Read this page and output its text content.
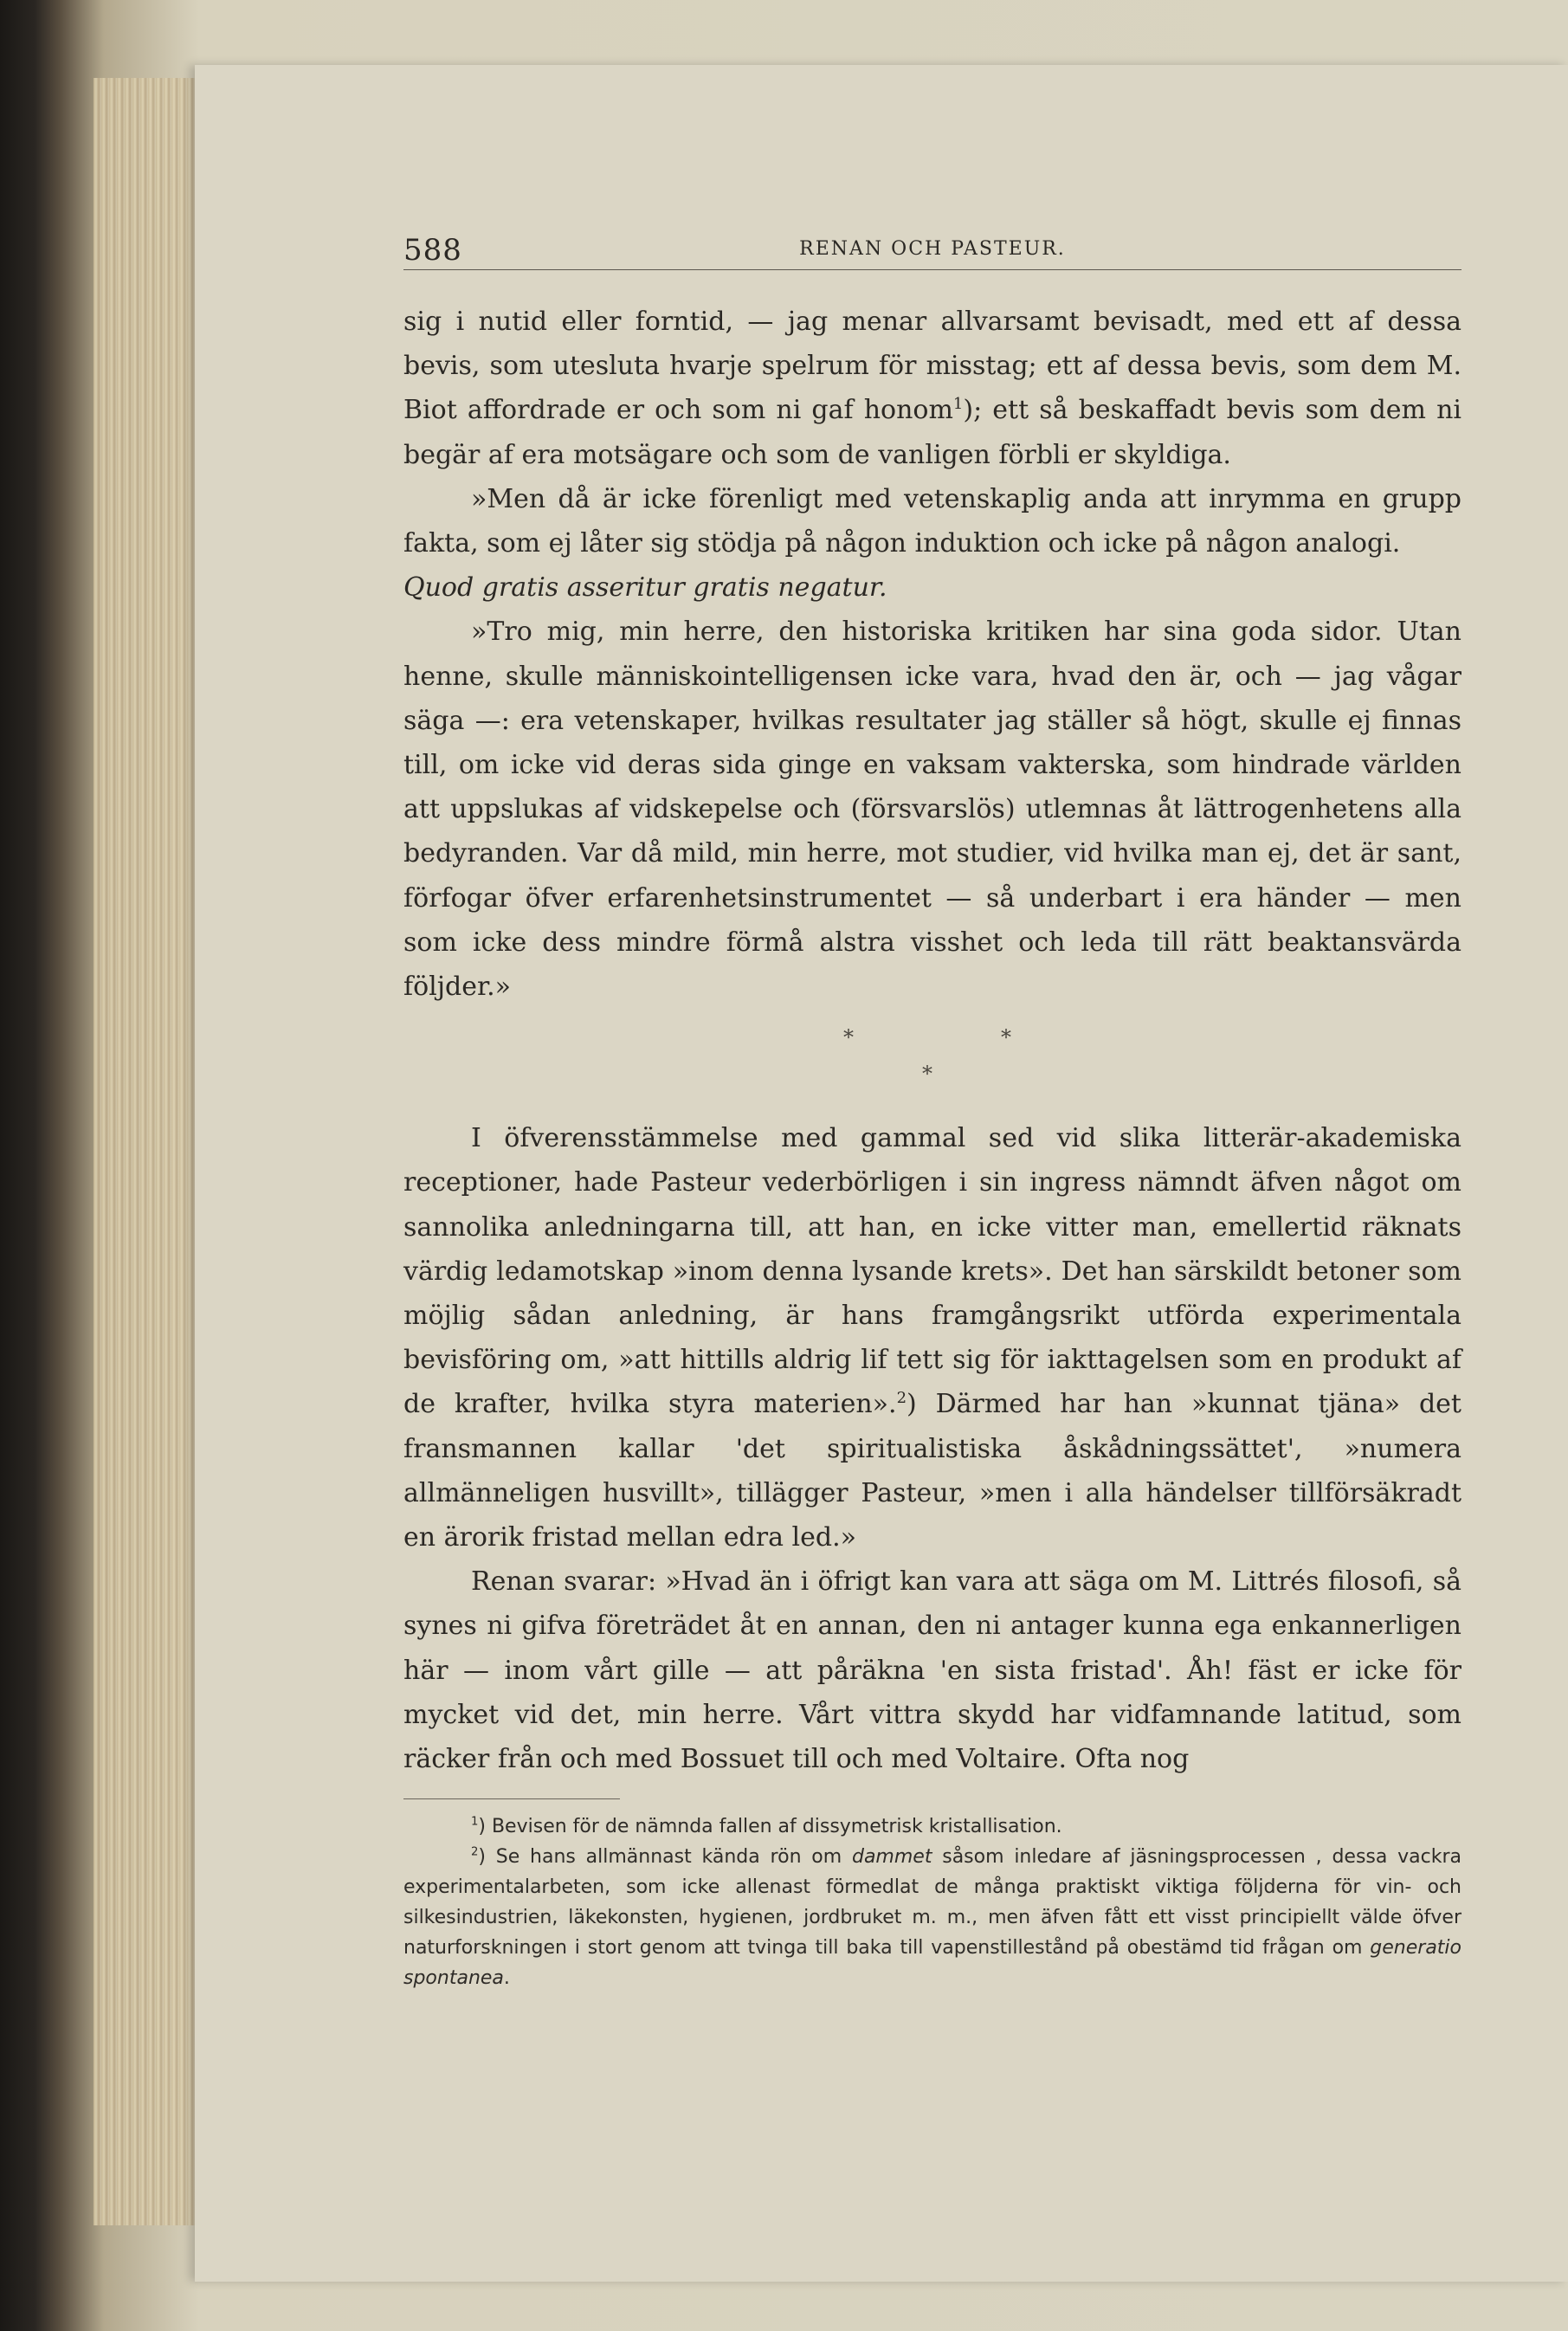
588	RENAN OCH PASTEUR.

sig i nutid eller forntid, — jag menar allvarsamt bevisadt, med ett af dessa bevis, som utesluta hvarje spelrum för misstag; ett af dessa bevis, som dem M. Biot affordrade er och som ni gaf honom$^1$); ett så beskaffadt bevis som dem ni begär af era motsägare och som de vanligen förbli er skyldiga.

»Men då är icke förenligt med vetenskaplig anda att inrymma en grupp fakta, som ej låter sig stödja på någon induktion och icke på någon analogi.

Quod gratis asseritur gratis negatur.

»Tro mig, min herre, den historiska kritiken har sina goda sidor. Utan henne, skulle människointelligensen icke vara, hvad den är, och — jag vågar säga —: era vetenskaper, hvilkas resultater jag ställer så högt, skulle ej finnas till, om icke vid deras sida ginge en vaksam vakterska, som hindrade världen att uppslukas af vidskepelse och (försvarslös) utlemnas åt lättrogenhetens alla bedyranden. Var då mild, min herre, mot studier, vid hvilka man ej, det är sant, förfogar öfver erfarenhetsinstrumentet — så underbart i era händer — men som icke dess mindre förmå alstra visshet och leda till rätt beaktansvärda följder.»

*	*
*

I öfverensstämmelse med gammal sed vid slika litterär-akademiska receptioner, hade Pasteur vederbörligen i sin ingress nämndt äfven något om sannolika anledningarna till, att han, en icke vitter man, emellertid räknats värdig ledamotskap »inom denna lysande krets». Det han särskildt betoner som möjlig sådan anledning, är hans framgångsrikt utförda experimentala bevisföring om, »att hittills aldrig lif tett sig för iakttagelsen som en produkt af de krafter, hvilka styra materien».$^2$) Därmed har han »kunnat tjäna» det fransmannen kallar 'det spiritualistiska åskådningssättet', »numera allmänneligen husvillt», tillägger Pasteur, »men i alla händelser tillförsäkradt en ärorik fristad mellan edra led.»

Renan svarar: »Hvad än i öfrigt kan vara att säga om M. Littrés filosofi, så synes ni gifva företrädet åt en annan, den ni antager kunna ega enkannerligen här — inom vårt gille — att påräkna 'en sista fristad'. Åh! fäst er icke för mycket vid det, min herre. Vårt vittra skydd har vidfamnande latitud, som räcker från och med Bossuet till och med Voltaire. Ofta nog

$^1$) Bevisen för de nämnda fallen af dissymetrisk kristallisation.

$^2$) Se hans allmännast kända rön om dammet såsom inledare af jäsningsprocessen , dessa vackra experimentalarbeten, som icke allenast förmedlat de många praktiskt viktiga följderna för vin- och silkesindustrien, läkekonsten, hygienen, jordbruket m. m., men äfven fått ett visst principiellt välde öfver naturforskningen i stort genom att tvinga till baka till vapenstillestånd på obestämd tid frågan om generatio spontanea.
